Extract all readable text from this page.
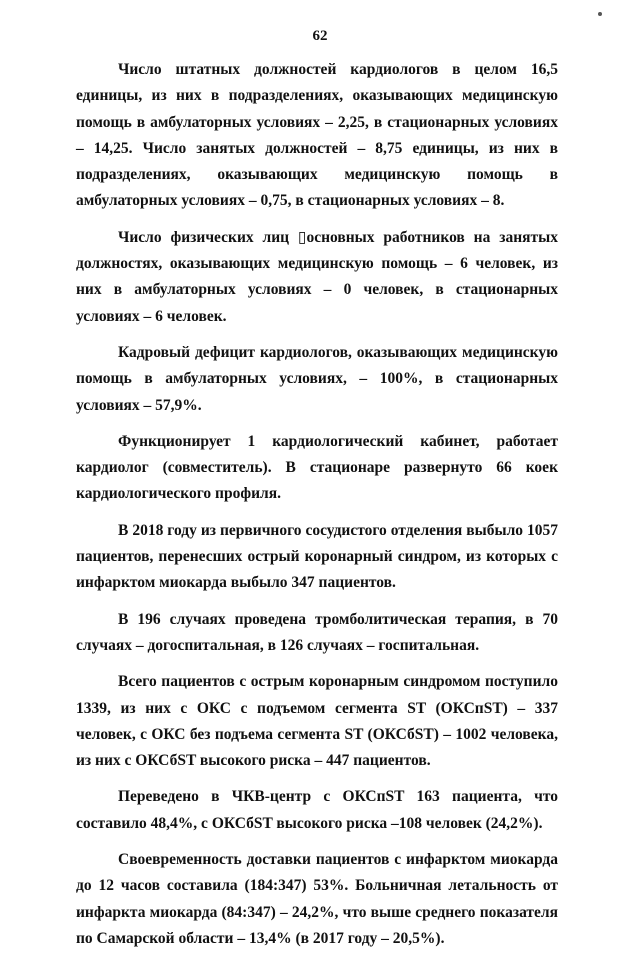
62

Число штатных должностей кардиологов в целом 16,5 единицы, из них в подразделениях, оказывающих медицинскую помощь в амбулаторных условиях – 2,25, в стационарных условиях – 14,25. Число занятых должностей – 8,75 единицы, из них в подразделениях, оказывающих медицинскую помощь в амбулаторных условиях – 0,75, в стационарных условиях – 8.

Число физических лиц ▯основных работников на занятых должностях, оказывающих медицинскую помощь – 6 человек, из них в амбулаторных условиях – 0 человек, в стационарных условиях – 6 человек.

Кадровый дефицит кардиологов, оказывающих медицинскую помощь в амбулаторных условиях, – 100%, в стационарных условиях – 57,9%.

Функционирует 1 кардиологический кабинет, работает кардиолог (совместитель). В стационаре развернуто 66 коек кардиологического профиля.

В 2018 году из первичного сосудистого отделения выбыло 1057 пациентов, перенесших острый коронарный синдром, из которых с инфарктом миокарда выбыло 347 пациентов.

В 196 случаях проведена тромболитическая терапия, в 70 случаях – догоспитальная, в 126 случаях – госпитальная.

Всего пациентов с острым коронарным синдромом поступило 1339, из них с ОКС с подъемом сегмента ST (ОКСпST) – 337 человек, с ОКС без подъема сегмента ST (ОКСбST) – 1002 человека, из них с ОКСбST высокого риска – 447 пациентов.

Переведено в ЧКВ-центр с ОКСпST 163 пациента, что составило 48,4%, с ОКСбST высокого риска –108 человек (24,2%).

Своевременность доставки пациентов с инфарктом миокарда до 12 часов составила (184:347) 53%. Больничная летальность от инфаркта миокарда (84:347) – 24,2%, что выше среднего показателя по Самарской области – 13,4% (в 2017 году – 20,5%).
